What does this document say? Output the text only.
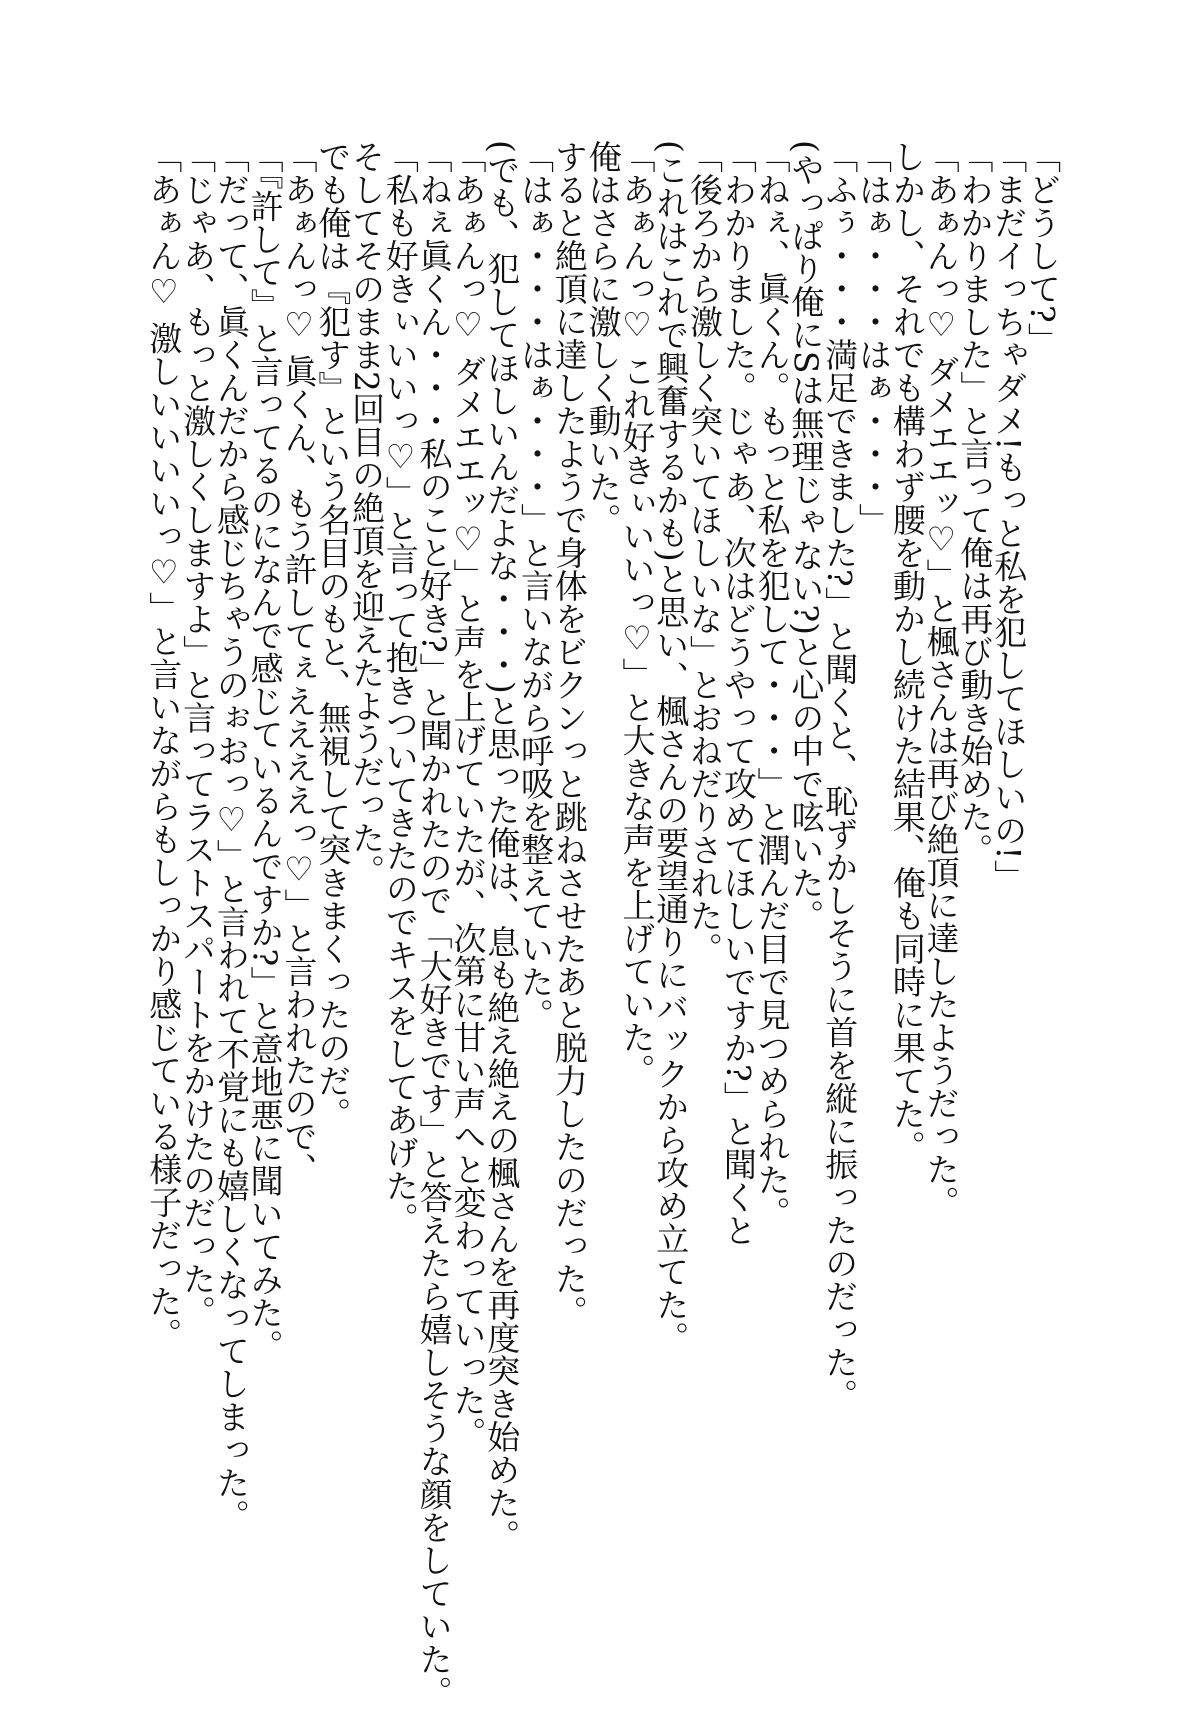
「どうして?」
「まだイっちゃダメ!もっと私を犯してほしいの!」
「わかりました」と言って俺は再び動き始めた。
「あぁんっ♡ ダメエエッ♡」と楓さんは再び絶頂に達したようだった。
しかし、それでも構わず腰を動かし続けた結果、俺も同時に果てた。
「はぁ・・・はぁ・・・」
「ふぅ・・・満足できました?」と聞くと、恥ずかしそうに首を縦に振ったのだった。
(やっぱり俺にSは無理じゃない?)と心の中で呟いた。
「ねぇ、眞くん。もっと私を犯して・・・」と潤んだ目で見つめられた。
「わかりました。じゃあ、次はどうやって攻めてほしいですか?」と聞くと
「後ろから激しく突いてほしいな」とおねだりされた。
(これはこれで興奮するかも)と思い、楓さんの要望通りにバックから攻め立てた。
「あぁんっ♡ これ好きぃいいっ♡」と大きな声を上げていた。
俺はさらに激しく動いた。
すると絶頂に達したようで身体をビクンっと跳ねさせたあと脱力したのだった。
「はぁ・・・はぁ・・・」と言いながら呼吸を整えていた。
(でも、犯してほしいんだよな・・・)と思った俺は、息も絶え絶えの楓さんを再度突き始めた。
「あぁんっ♡ ダメエエッ♡」と声を上げていたが、次第に甘い声へと変わっていった。
「ねぇ眞くん・・・私のこと好き?」と聞かれたので「大好きです」と答えたら嬉しそうな顔をしていた。
「私も好きぃいいっ♡」と言って抱きついてきたのでキスをしてあげた。
そしてそのまま2回目の絶頂を迎えたようだった。
でも俺は『犯す』という名目のもと、無視して突きまくったのだ。
「あぁんっ♡ 眞くん、もう許してぇええええっ♡」と言われたので、
「『許して』と言ってるのになんで感じているんですか?」と意地悪に聞いてみた。
「だって、眞くんだから感じちゃうのぉおっ♡」と言われて不覚にも嬉しくなってしまった。
「じゃあ、もっと激しくしますよ」と言ってラストスパートをかけたのだった。
「あぁん♡ 激しいいいいっ♡」と言いながらもしっかり感じている様子だった。
